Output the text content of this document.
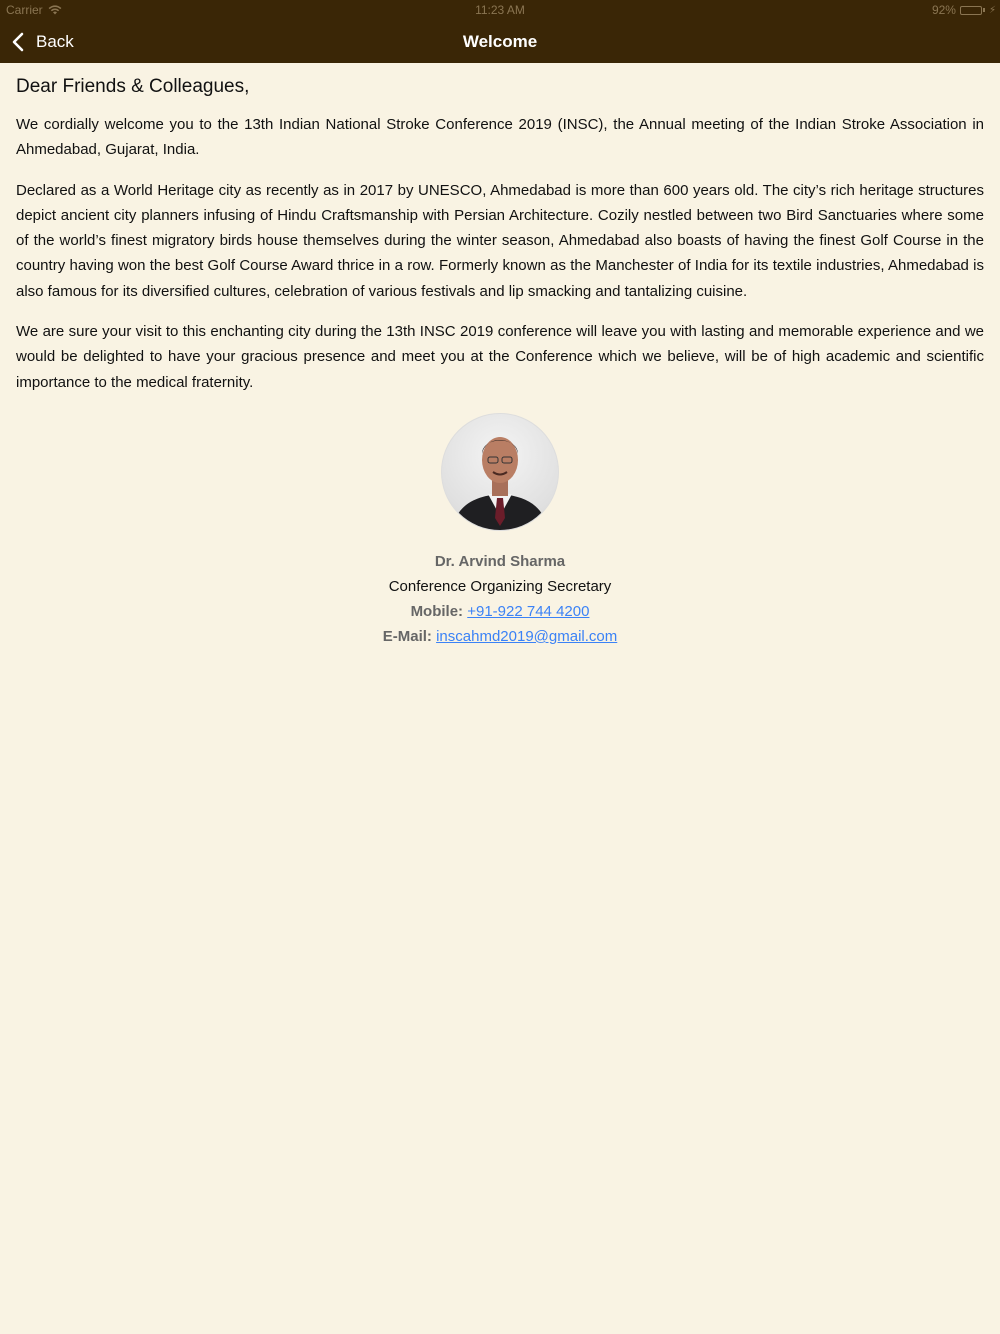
Carrier	11:23 AM	92%	⚡
Back	Welcome
Dear Friends & Colleagues,

We cordially welcome you to the 13th Indian National Stroke Conference 2019 (INSC), the Annual meeting of the Indian Stroke Association in Ahmedabad, Gujarat, India.

Declared as a World Heritage city as recently as in 2017 by UNESCO, Ahmedabad is more than 600 years old. The city’s rich heritage structures depict ancient city planners infusing of Hindu Craftsmanship with Persian Architecture. Cozily nestled between two Bird Sanctuaries where some of the world’s finest migratory birds house themselves during the winter season, Ahmedabad also boasts of having the finest Golf Course in the country having won the best Golf Course Award thrice in a row. Formerly known as the Manchester of India for its textile industries, Ahmedabad is also famous for its diversified cultures, celebration of various festivals and lip smacking and tantalizing cuisine.

We are sure your visit to this enchanting city during the 13th INSC 2019 conference will leave you with lasting and memorable experience and we would be delighted to have your gracious presence and meet you at the Conference which we believe, will be of high academic and scientific importance to the medical fraternity.

Dr. Arvind Sharma
Conference Organizing Secretary
Mobile: +91-922 744 4200
E-Mail: inscahmd2019@gmail.com
